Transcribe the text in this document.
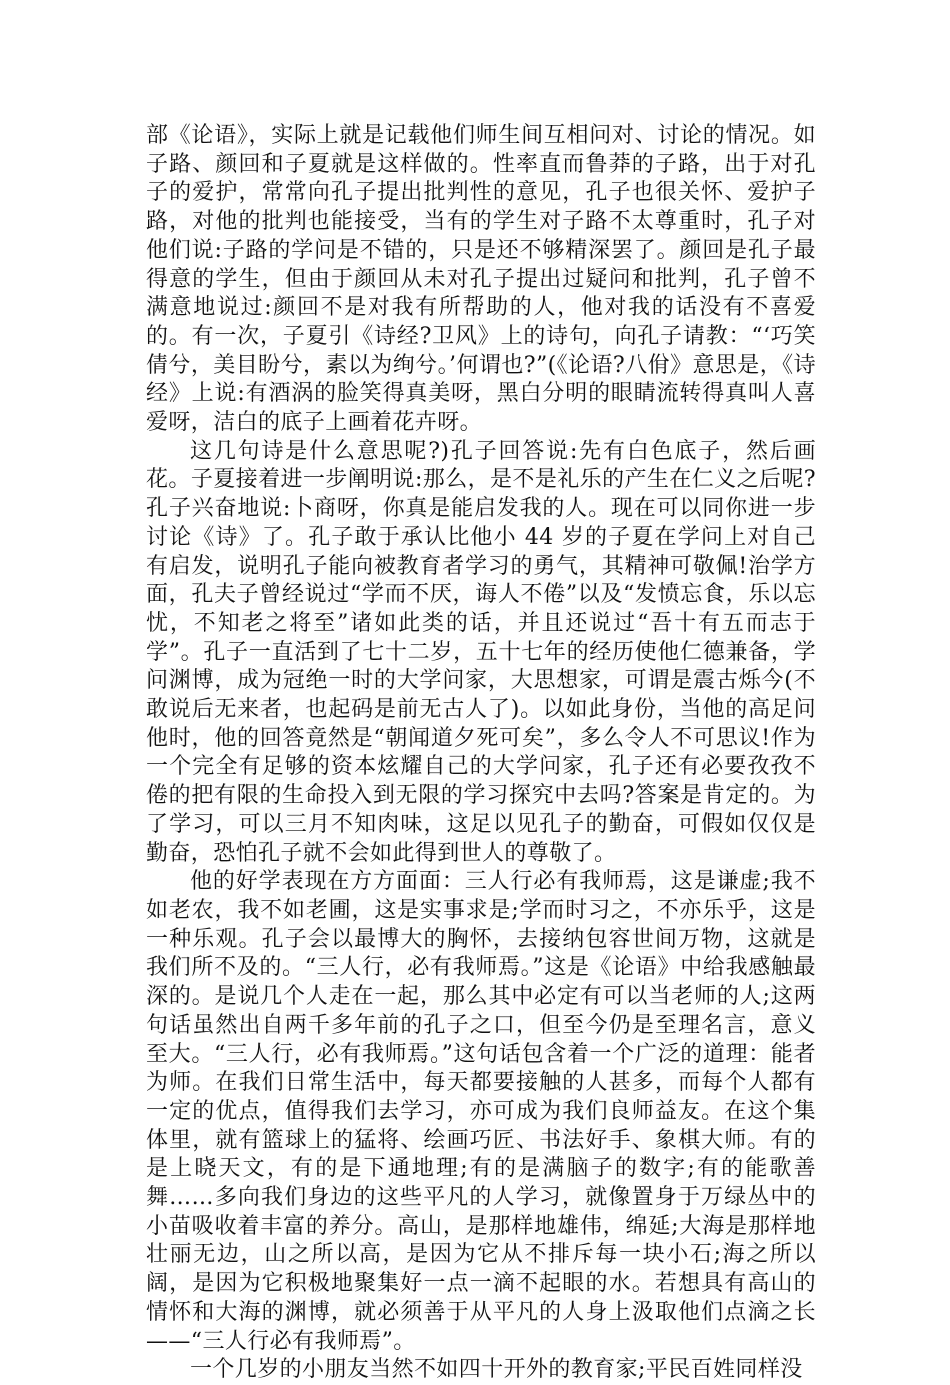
部《论语》，实际上就是记载他们师生间互相问对、讨论的情况。如子路、颜回和子夏就是这样做的。性率直而鲁莽的子路，出于对孔子的爱护，常常向孔子提出批判性的意见，孔子也很关怀、爱护子路，对他的批判也能接受，当有的学生对子路不太尊重时，孔子对他们说:子路的学问是不错的，只是还不够精深罢了。颜回是孔子最得意的学生，但由于颜回从未对孔子提出过疑问和批判，孔子曾不满意地说过:颜回不是对我有所帮助的人，他对我的话没有不喜爱的。有一次，子夏引《诗经?卫风》上的诗句，向孔子请教：“‘巧笑倩兮，美目盼兮，素以为绚兮。’何谓也?”(《论语?八佾》意思是，《诗经》上说:有酒涡的脸笑得真美呀，黑白分明的眼睛流转得真叫人喜爱呀，洁白的底子上画着花卉呀。

这几句诗是什么意思呢?)孔子回答说:先有白色底子，然后画花。子夏接着进一步阐明说:那么，是不是礼乐的产生在仁义之后呢?孔子兴奋地说:卜商呀，你真是能启发我的人。现在可以同你进一步讨论《诗》了。孔子敢于承认比他小 44 岁的子夏在学问上对自己有启发，说明孔子能向被教育者学习的勇气，其精神可敬佩!治学方面，孔夫子曾经说过“学而不厌，诲人不倦”以及“发愤忘食，乐以忘忧，不知老之将至”诸如此类的话，并且还说过“吾十有五而志于学”。孔子一直活到了七十二岁，五十七年的经历使他仁德兼备，学问渊博，成为冠绝一时的大学问家，大思想家，可谓是震古烁今(不敢说后无来者，也起码是前无古人了)。以如此身份，当他的高足问他时，他的回答竟然是“朝闻道夕死可矣”，多么令人不可思议!作为一个完全有足够的资本炫耀自己的大学问家，孔子还有必要孜孜不倦的把有限的生命投入到无限的学习探究中去吗?答案是肯定的。为了学习，可以三月不知肉味，这足以见孔子的勤奋，可假如仅仅是勤奋，恐怕孔子就不会如此得到世人的尊敬了。

他的好学表现在方方面面：三人行必有我师焉，这是谦虚;我不如老农，我不如老圃，这是实事求是;学而时习之，不亦乐乎，这是一种乐观。孔子会以最博大的胸怀，去接纳包容世间万物，这就是我们所不及的。“三人行，必有我师焉。”这是《论语》中给我感触最深的。是说几个人走在一起，那么其中必定有可以当老师的人;这两句话虽然出自两千多年前的孔子之口，但至今仍是至理名言，意义至大。“三人行，必有我师焉。”这句话包含着一个广泛的道理：能者为师。在我们日常生活中，每天都要接触的人甚多，而每个人都有一定的优点，值得我们去学习，亦可成为我们良师益友。在这个集体里，就有篮球上的猛将、绘画巧匠、书法好手、象棋大师。有的是上晓天文，有的是下通地理;有的是满脑子的数字;有的能歌善舞……多向我们身边的这些平凡的人学习，就像置身于万绿丛中的小苗吸收着丰富的养分。高山，是那样地雄伟，绵延;大海是那样地壮丽无边，山之所以高，是因为它从不排斥每一块小石;海之所以阔，是因为它积极地聚集好一点一滴不起眼的水。若想具有高山的情怀和大海的渊博，就必须善于从平凡的人身上汲取他们点滴之长——“三人行必有我师焉”。

一个几岁的小朋友当然不如四十开外的教育家;平民百姓同样没
